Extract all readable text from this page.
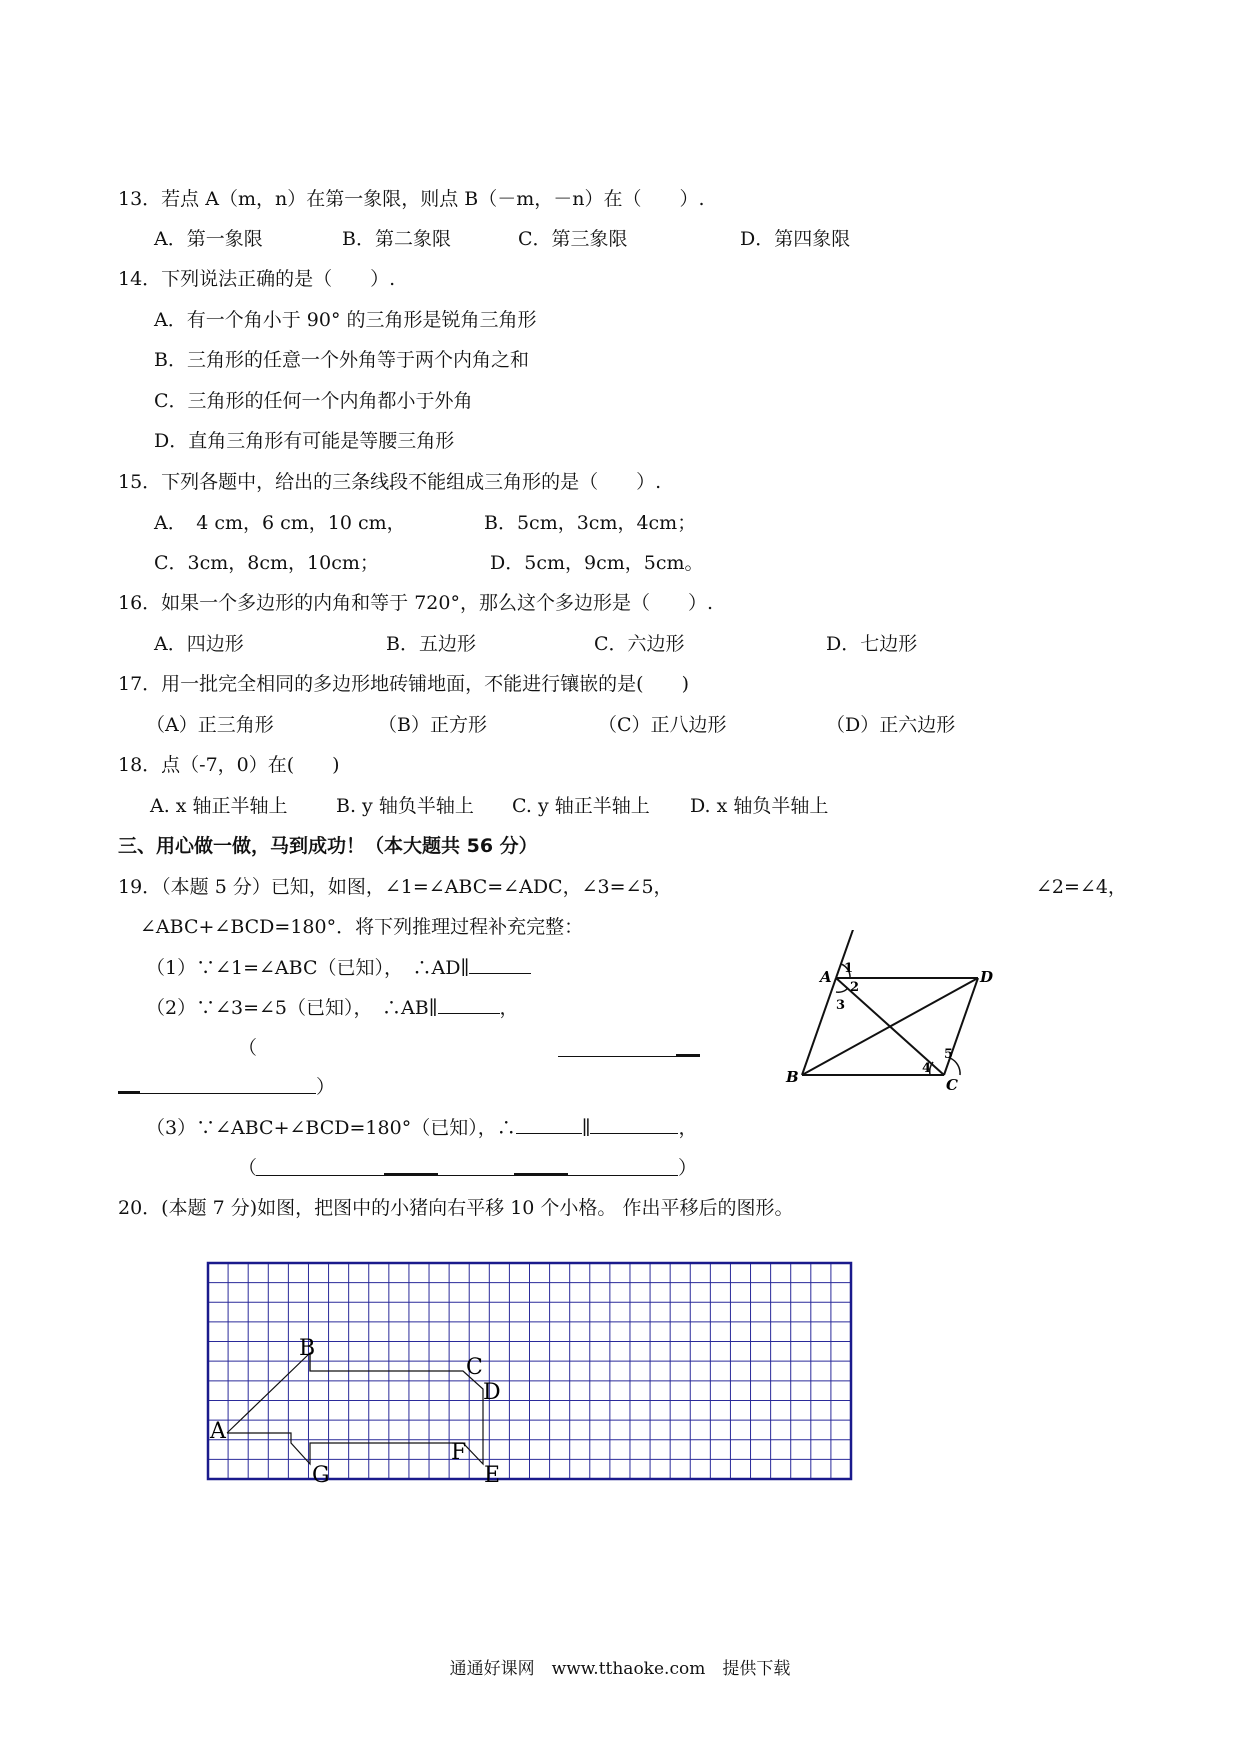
13．若点 A（m，n）在第一象限，则点 B（－m，－n）在（　　）.
A．第一象限	B．第二象限	C．第三象限	D．第四象限
14．下列说法正确的是（　　）.
A．有一个角小于 90° 的三角形是锐角三角形
B．三角形的任意一个外角等于两个内角之和
C．三角形的任何一个内角都小于外角
D．直角三角形有可能是等腰三角形
15．下列各题中，给出的三条线段不能组成三角形的是（　　）.
A．　4 cm，6 cm，10 cm，	B．5cm，3cm，4cm；
C．3cm，8cm，10cm；	D．5cm，9cm，5cm。
16．如果一个多边形的内角和等于 720°，那么这个多边形是（　　）.
A．四边形	B．五边形	C．六边形	D．七边形
17．用一批完全相同的多边形地砖铺地面，不能进行镶嵌的是(　　)
（A）正三角形	（B）正方形	（C）正八边形	（D）正六边形
18．点（-7，0）在(　　)
A. x 轴正半轴上	B. y 轴负半轴上 C. y 轴正半轴上 D. x 轴负半轴上
三、用心做一做，马到成功！（本大题共 56 分）
19．（本题 5 分）已知，如图，∠1=∠ABC=∠ADC，∠3=∠5，	∠2=∠4，
∠ABC+∠BCD=180°．将下列推理过程补充完整：
（1）∵∠1=∠ABC（已知），　∴AD∥
（2）∵∠3=∠5（已知），　∴AB∥	，
（
）
（3）∵∠ABC+∠BCD=180°（已知），∴	∥	，
（	）
A 1
2
3
D
B	4
5
C
20．(本题 7 分)如图，把图中的小猪向右平移 10 个小格。 作出平移后的图形。
A
B
C
D
F
G	E
通通好课网　www.tthaoke.com　提供下载
